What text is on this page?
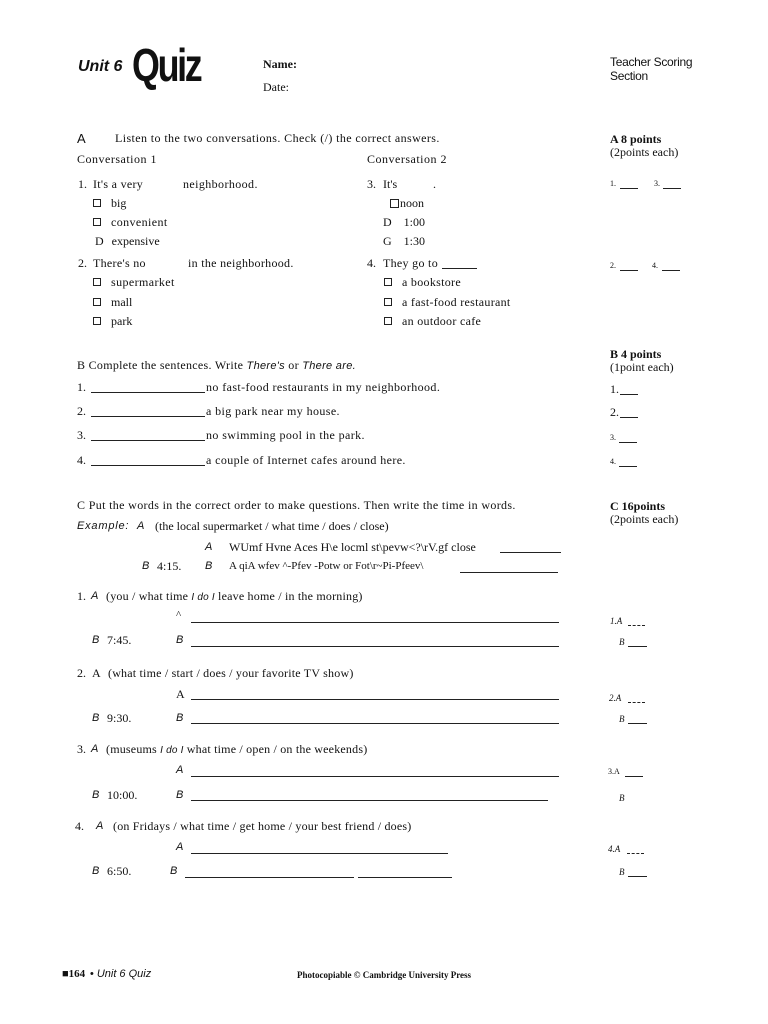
Unit 6 Quiz	Name:
Date:
Teacher Scoring
Section
A Listen to the two conversations. Check (/) the correct answers.
Conversation 1	Conversation 2
1. It's a very	neighborhood.
big
convenient
D expensive
2. There's no	in the neighborhood.
supermarket
mall
park
3. It's	.
noon
D 1:00
G 1:30
4. They go to
a bookstore
a fast-food restaurant
an outdoor cafe
A 8 points
(2points each)
1.	3.
2.	4.
B Complete the sentences. Write There's or There are.
1.	no fast-food restaurants in my neighborhood.
2.	a big park near my house.
3.	no swimming pool in the park.
4.	a couple of Internet cafes around here.
B 4 points
(1point each)
1.
2.
3.
4.
C Put the words in the correct order to make questions. Then write the time in words.
Example: A (the local supermarket / what time / does / close)
A WUmf Hvne Aces H\e locml st\pevw<?\rV.gf close
B 4:15. B A qiA wfev ^-Pfev -Potw or Fot\r~Pi-Pfeev\
1. A (you / what time I do I leave home / in the morning)
^
B 7:45.	B
2. A (what time / start / does / your favorite TV show)
A
B 9:30.	B
3. A (museums I do I what time / open / on the weekends)
A
B 10:00.	B
4. A (on Fridays / what time / get home / your best friend / does)
A
B 6:50.	B
C 16points
(2points each)
1.A
B
2.A
B
3.A
B
4.A
B
■164 • Unit 6 Quiz	Photocopiable © Cambridge University Press
